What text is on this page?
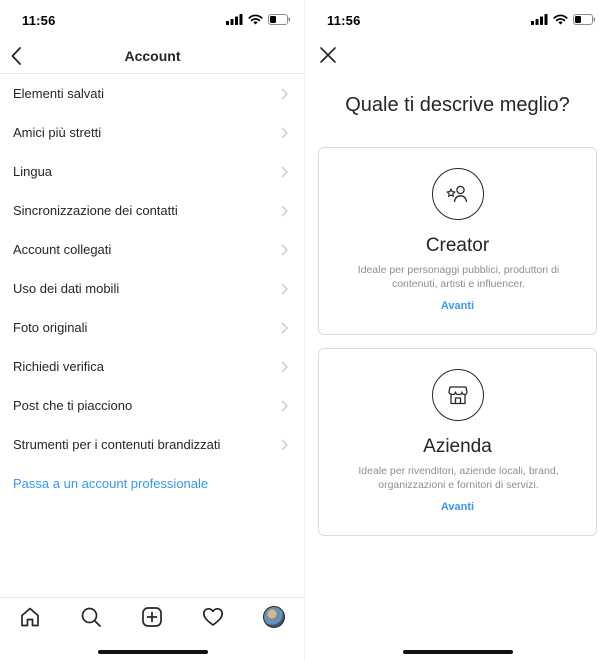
11:56
Account
Elementi salvati
Amici più stretti
Lingua
Sincronizzazione dei contatti
Account collegati
Uso dei dati mobili
Foto originali
Richiedi verifica
Post che ti piacciono
Strumenti per i contenuti brandizzati
Passa a un account professionale
11:56
Quale ti descrive meglio?
Creator
Ideale per personaggi pubblici, produttori di contenuti, artisti e influencer.
Avanti
Azienda
Ideale per rivenditori, aziende locali, brand, organizzazioni e fornitori di servizi.
Avanti
